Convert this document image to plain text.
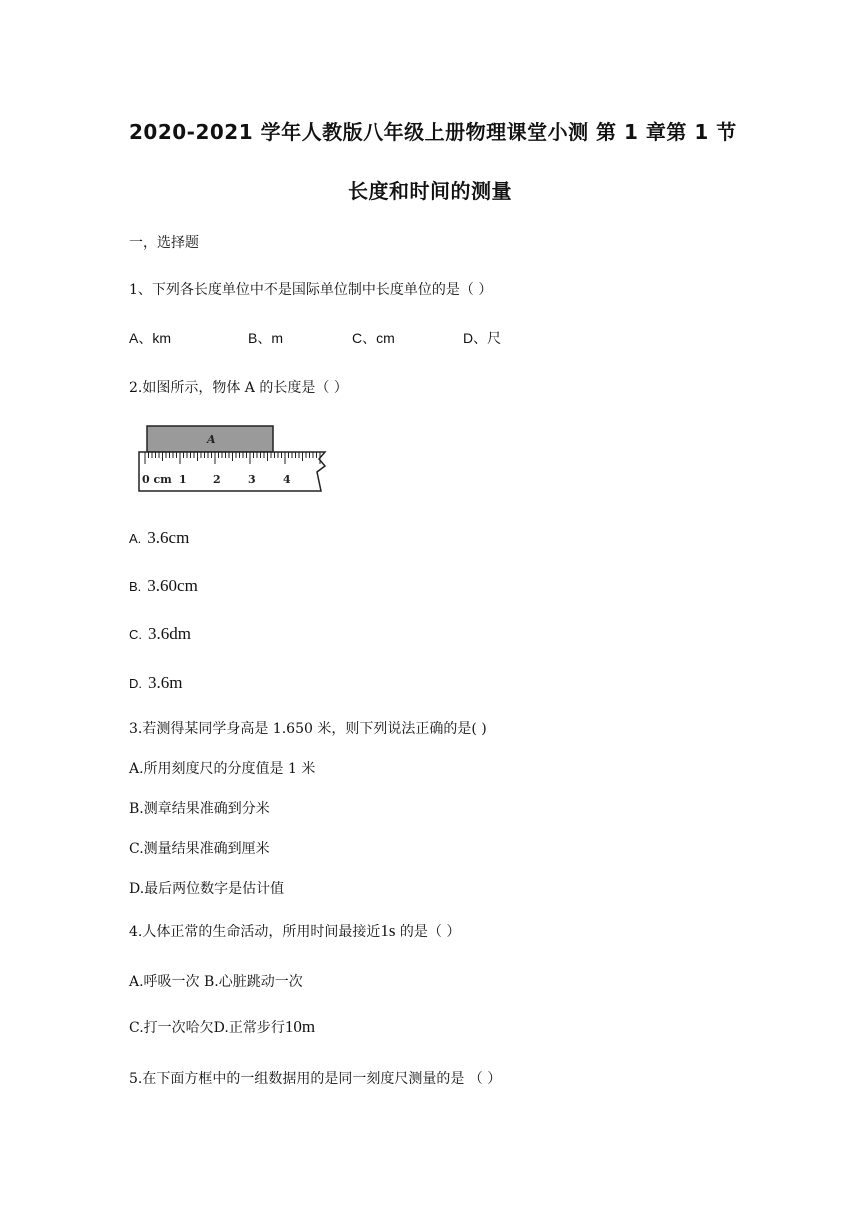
2020-2021 学年人教版八年级上册物理课堂小测 第 1 章第 1 节
长度和时间的测量
一，选择题
1、下列各长度单位中不是国际单位制中长度单位的是（ ）
A、km	B、m	C、cm	D、尺
2.如图所示，物体 A 的长度是（ ）
A
0 cm 1 2 3 4
A. 3.6cm
B. 3.60cm
C. 3.6dm
D. 3.6m
3.若测得某同学身高是 1.650 米，则下列说法正确的是( )
A.所用刻度尺的分度值是 1 米
B.测章结果准确到分米
C.测量结果准确到厘米
D.最后两位数字是估计值
4.人体正常的生命活动，所用时间最接近1s 的是（ ）
A.呼吸一次 B.心脏跳动一次
C.打一次哈欠D.正常步行10m
5.在下面方框中的一组数据用的是同一刻度尺测量的是 （ ）
